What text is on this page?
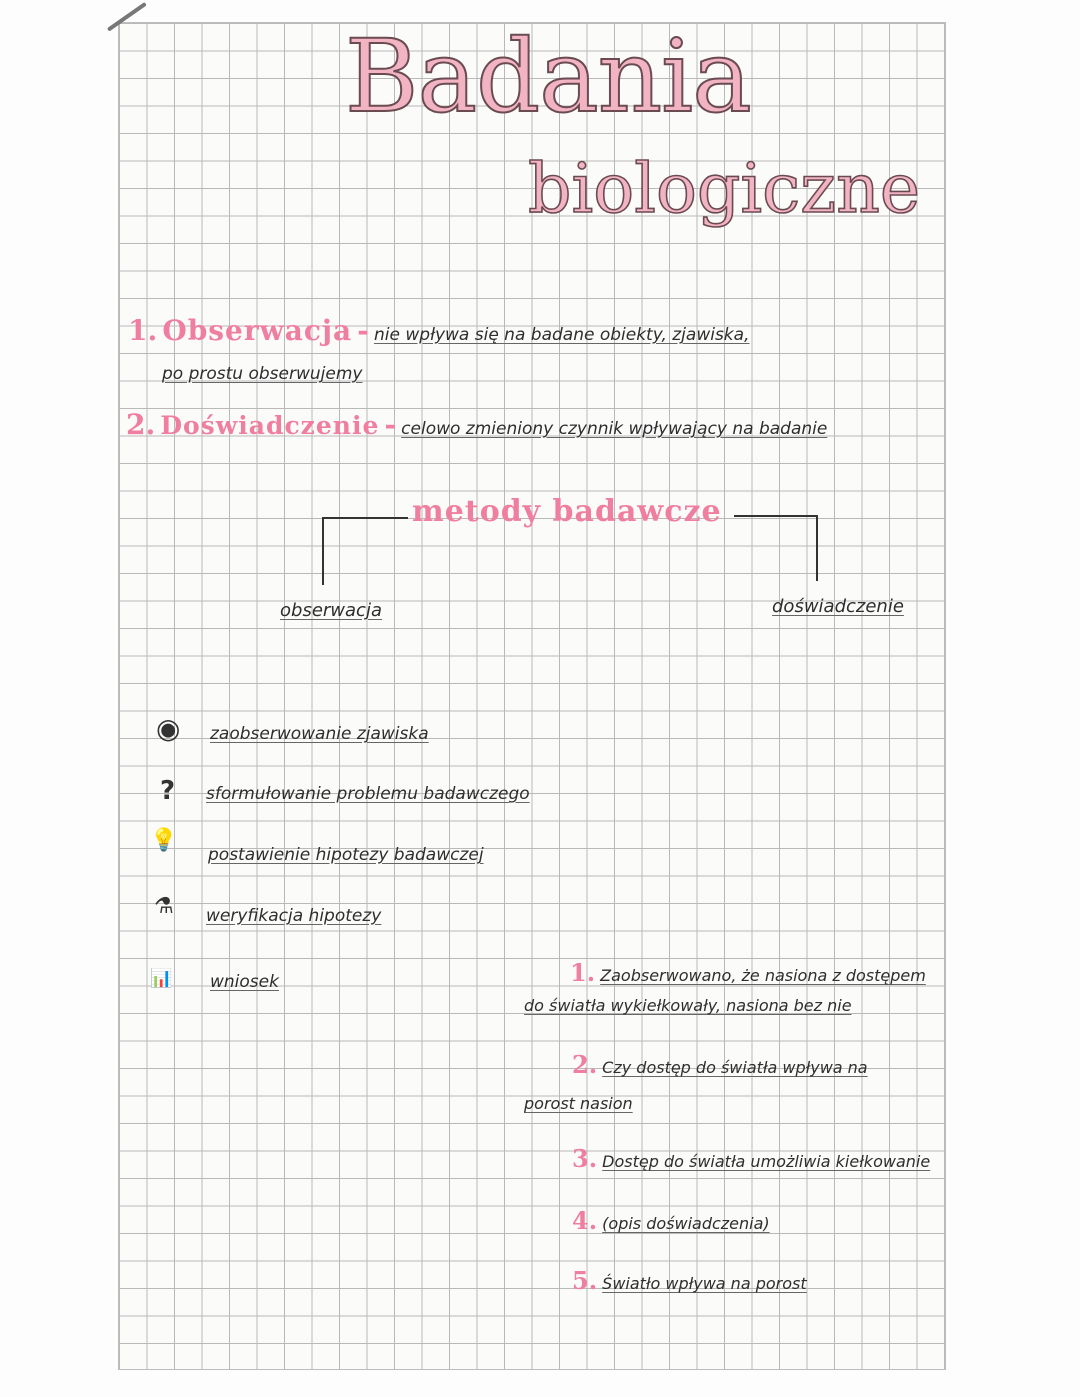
Badania
biologiczne
1. Obserwacja - nie wpływa się na badane obiekty, zjawiska,
po prostu obserwujemy
2. Doświadczenie - celowo zmieniony czynnik wpływający na badanie
metody badawcze
obserwacja	doświadczenie
◉ zaobserwowanie zjawiska
? sformułowanie problemu badawczego
💡
postawienie hipotezy badawczej
⚗ weryfikacja hipotezy
📊 wniosek	1. Zaobserwowano, że nasiona z dostępem
do światła wykiełkowały, nasiona bez nie
2. Czy dostęp do światła wpływa na
porost nasion
3. Dostęp do światła umożliwia kiełkowanie
4. (opis doświadczenia)
5. Światło wpływa na porost
